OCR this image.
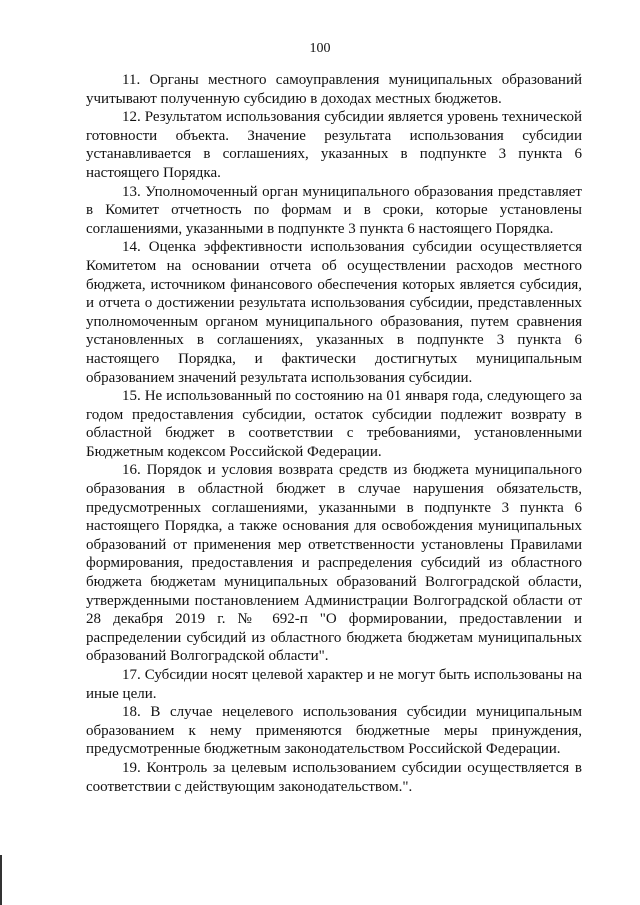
100

11. Органы местного самоуправления муниципальных образований учитывают полученную субсидию в доходах местных бюджетов.

12. Результатом использования субсидии является уровень технической готовности объекта. Значение результата использования субсидии устанавливается в соглашениях, указанных в подпункте 3 пункта 6 настоящего Порядка.

13. Уполномоченный орган муниципального образования представляет в Комитет отчетность по формам и в сроки, которые установлены соглашениями, указанными в подпункте 3 пункта 6 настоящего Порядка.

14. Оценка эффективности использования субсидии осуществляется Комитетом на основании отчета об осуществлении расходов местного бюджета, источником финансового обеспечения которых является субсидия, и отчета о достижении результата использования субсидии, представленных уполномоченным органом муниципального образования, путем сравнения установленных в соглашениях, указанных в подпункте 3 пункта 6 настоящего Порядка, и фактически достигнутых муниципальным образованием значений результата использования субсидии.

15. Не использованный по состоянию на 01 января года, следующего за годом предоставления субсидии, остаток субсидии подлежит возврату в областной бюджет в соответствии с требованиями, установленными Бюджетным кодексом Российской Федерации.

16. Порядок и условия возврата средств из бюджета муниципального образования в областной бюджет в случае нарушения обязательств, предусмотренных соглашениями, указанными в подпункте 3 пункта 6 настоящего Порядка, а также основания для освобождения муниципальных образований от применения мер ответственности установлены Правилами формирования, предоставления и распределения субсидий из областного бюджета бюджетам муниципальных образований Волгоградской области, утвержденными постановлением Администрации Волгоградской области от 28 декабря 2019 г. № 692-п "О формировании, предоставлении и распределении субсидий из областного бюджета бюджетам муниципальных образований Волгоградской области".

17. Субсидии носят целевой характер и не могут быть использованы на иные цели.

18. В случае нецелевого использования субсидии муниципальным образованием к нему применяются бюджетные меры принуждения, предусмотренные бюджетным законодательством Российской Федерации.

19. Контроль за целевым использованием субсидии осуществляется в соответствии с действующим законодательством.".
